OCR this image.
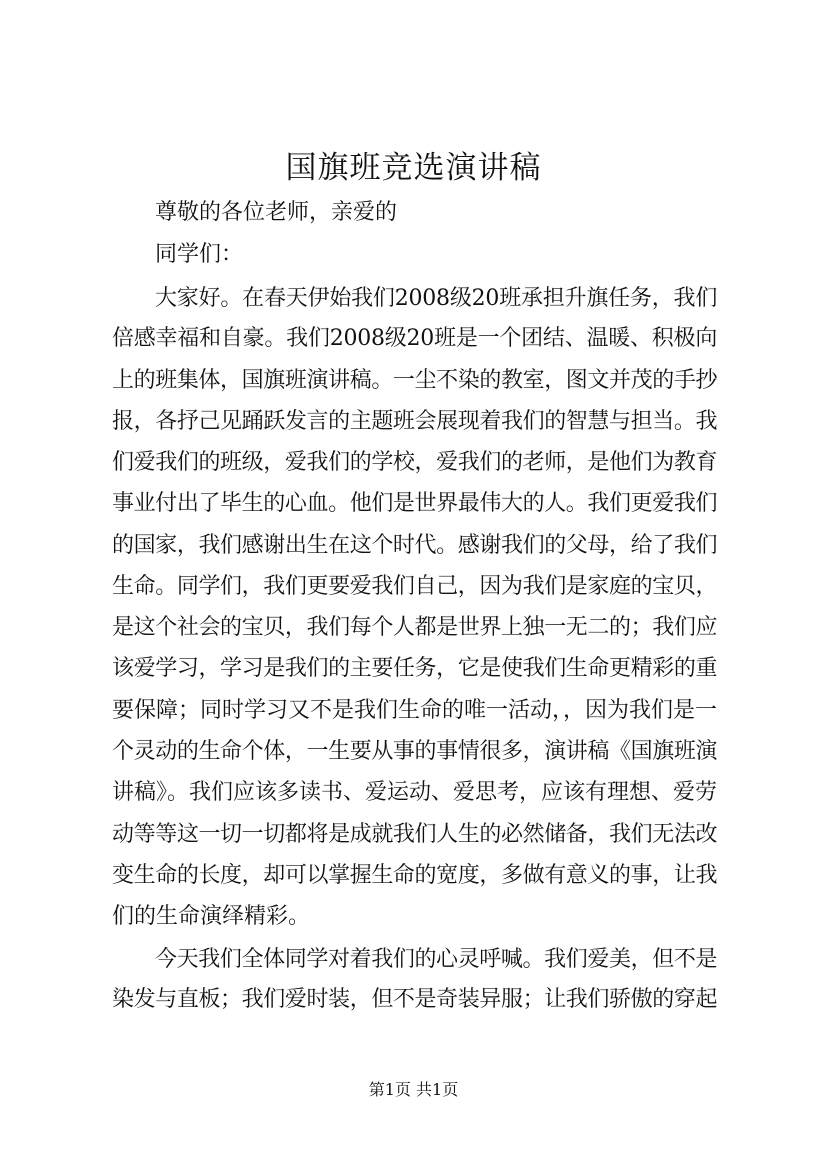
国旗班竞选演讲稿
尊敬的各位老师，亲爱的
同学们：
大家好。在春天伊始我们2008级20班承担升旗任务，我们
倍感幸福和自豪。我们2008级20班是一个团结、温暖、积极向
上的班集体，国旗班演讲稿。一尘不染的教室，图文并茂的手抄
报，各抒己见踊跃发言的主题班会展现着我们的智慧与担当。我
们爱我们的班级，爱我们的学校，爱我们的老师，是他们为教育
事业付出了毕生的心血。他们是世界最伟大的人。我们更爱我们
的国家，我们感谢出生在这个时代。感谢我们的父母，给了我们
生命。同学们，我们更要爱我们自己，因为我们是家庭的宝贝，
是这个社会的宝贝，我们每个人都是世界上独一无二的；我们应
该爱学习，学习是我们的主要任务，它是使我们生命更精彩的重
要保障；同时学习又不是我们生命的唯一活动，，因为我们是一
个灵动的生命个体，一生要从事的事情很多，演讲稿《国旗班演
讲稿》。我们应该多读书、爱运动、爱思考，应该有理想、爱劳
动等等这一切一切都将是成就我们人生的必然储备，我们无法改
变生命的长度，却可以掌握生命的宽度，多做有意义的事，让我
们的生命演绎精彩。
今天我们全体同学对着我们的心灵呼喊。我们爱美，但不是
染发与直板；我们爱时装，但不是奇装异服；让我们骄傲的穿起
第1页 共1页
